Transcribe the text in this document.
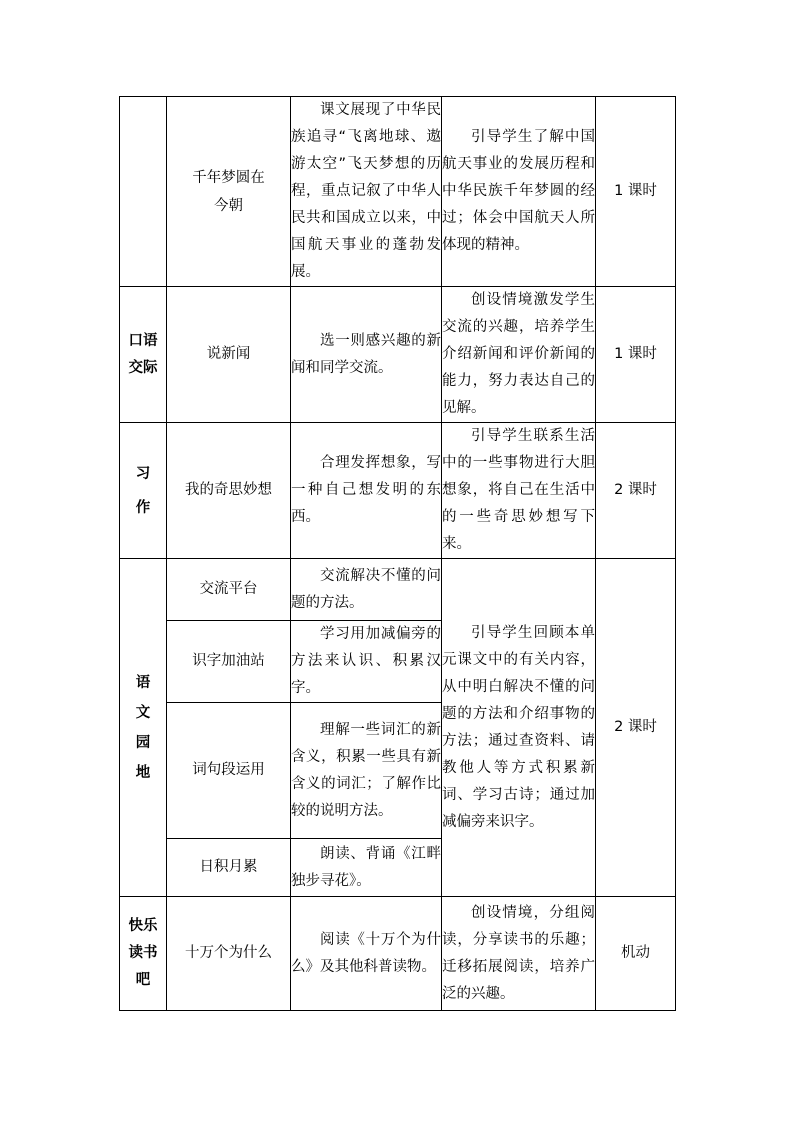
	千年梦圆在今朝	课文展现了中华民族追寻“飞离地球、遨游太空”飞天梦想的历程，重点记叙了中华人民共和国成立以来，中国航天事业的蓬勃发展。	引导学生了解中国航天事业的发展历程和中华民族千年梦圆的经过；体会中国航天人所体现的精神。	1 课时
口语交际	说新闻	选一则感兴趣的新闻和同学交流。	创设情境激发学生交流的兴趣，培养学生介绍新闻和评价新闻的能力，努力表达自己的见解。	1 课时
习作	我的奇思妙想	合理发挥想象，写一种自己想发明的东西。	引导学生联系生活中的一些事物进行大胆想象，将自己在生活中的一些奇思妙想写下来。	2 课时
语文园地	交流平台	交流解决不懂的问题的方法。	引导学生回顾本单元课文中的有关内容，从中明白解决不懂的问题的方法和介绍事物的方法；通过查资料、请教他人等方式积累新词、学习古诗；通过加减偏旁来识字。	2 课时
	识字加油站	学习用加减偏旁的方法来认识、积累汉字。		

	词句段运用	理解一些词汇的新含义，积累一些具有新含义的词汇；了解作比较的说明方法。		

	日积月累	朗读、背诵《江畔独步寻花》。		

快乐读书吧	十万个为什么	阅读《十万个为什么》及其他科普读物。	创设情境，分组阅读，分享读书的乐趣；迁移拓展阅读，培养广泛的兴趣。	机动
